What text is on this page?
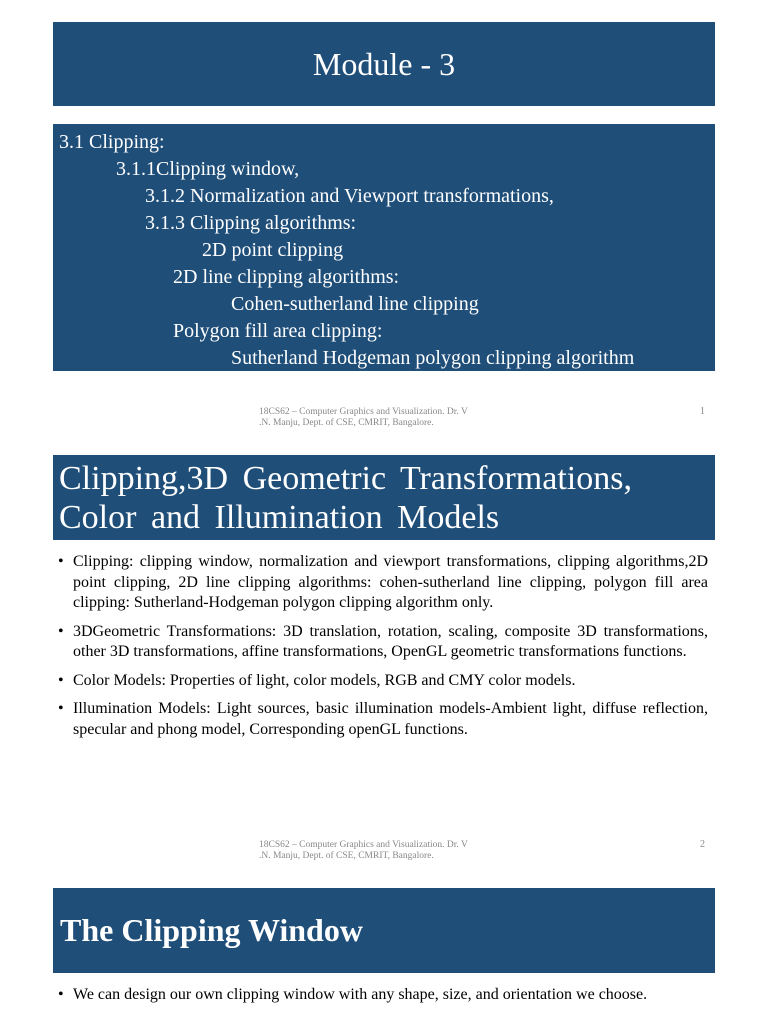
Module - 3
3.1 Clipping:
3.1.1Clipping window,
3.1.2 Normalization and Viewport transformations,
3.1.3 Clipping algorithms:
2D point clipping
2D line clipping algorithms:
Cohen-sutherland line clipping
Polygon fill area clipping:
Sutherland Hodgeman polygon clipping algorithm
18CS62 – Computer Graphics and Visualization. Dr. V
.N. Manju, Dept. of CSE, CMRIT, Bangalore.
1
Clipping,3D Geometric Transformations,
Color and Illumination Models
• Clipping: clipping window, normalization and viewport transformations, clipping algorithms,2D point clipping, 2D line clipping algorithms: cohen-sutherland line clipping, polygon fill area clipping: Sutherland-Hodgeman polygon clipping algorithm only.
• 3DGeometric Transformations: 3D translation, rotation, scaling, composite 3D transformations, other 3D transformations, affine transformations, OpenGL geometric transformations functions.
• Color Models: Properties of light, color models, RGB and CMY color models.
• Illumination Models: Light sources, basic illumination models-Ambient light, diffuse reflection, specular and phong model, Corresponding openGL functions.
18CS62 – Computer Graphics and Visualization. Dr. V
.N. Manju, Dept. of CSE, CMRIT, Bangalore.
2
The Clipping Window
• We can design our own clipping window with any shape, size, and orientation we choose.
